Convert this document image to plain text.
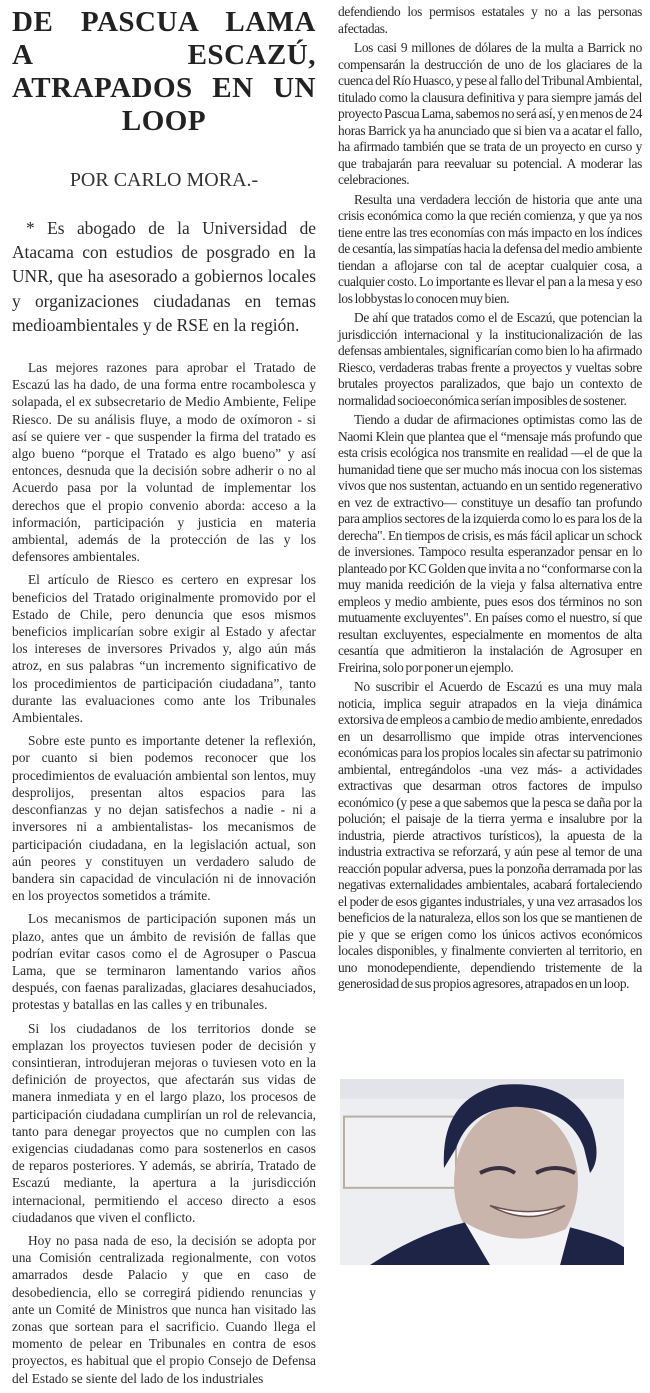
DE PASCUA LAMA A ESCAZÚ, ATRAPADOS EN UN LOOP
POR CARLO MORA.-
* Es abogado de la Universidad de Atacama con estudios de posgrado en la UNR, que ha asesorado a gobiernos locales y organizaciones ciudadanas en temas medioambientales y de RSE en la región.

Las mejores razones para aprobar el Tratado de Escazú las ha dado, de una forma entre rocambolesca y solapada, el ex subsecretario de Medio Ambiente, Felipe Riesco. De su análisis fluye, a modo de oxímoron - si así se quiere ver - que suspender la firma del tratado es algo bueno “porque el Tratado es algo bueno” y así entonces, desnuda que la decisión sobre adherir o no al Acuerdo pasa por la voluntad de implementar los derechos que el propio convenio aborda: acceso a la información, participación y justicia en materia ambiental, además de la protección de las y los defensores ambientales.

El artículo de Riesco es certero en expresar los beneficios del Tratado originalmente promovido por el Estado de Chile, pero denuncia que esos mismos beneficios implicarían sobre exigir al Estado y afectar los intereses de inversores Privados y, algo aún más atroz, en sus palabras “un incremento significativo de los procedimientos de participación ciudadana”, tanto durante las evaluaciones como ante los Tribunales Ambientales.

Sobre este punto es importante detener la reflexión, por cuanto si bien podemos reconocer que los procedimientos de evaluación ambiental son lentos, muy desprolijos, presentan altos espacios para las desconfianzas y no dejan satisfechos a nadie - ni a inversores ni a ambientalistas- los mecanismos de participación ciudadana, en la legislación actual, son aún peores y constituyen un verdadero saludo de bandera sin capacidad de vinculación ni de innovación en los proyectos sometidos a trámite.

Los mecanismos de participación suponen más un plazo, antes que un ámbito de revisión de fallas que podrían evitar casos como el de Agrosuper o Pascua Lama, que se terminaron lamentando varios años después, con faenas paralizadas, glaciares desahuciados, protestas y batallas en las calles y en tribunales.

Si los ciudadanos de los territorios donde se emplazan los proyectos tuviesen poder de decisión y consintieran, introdujeran mejoras o tuviesen voto en la definición de proyectos, que afectarán sus vidas de manera inmediata y en el largo plazo, los procesos de participación ciudadana cumplirían un rol de relevancia, tanto para denegar proyectos que no cumplen con las exigencias ciudadanas como para sostenerlos en casos de reparos posteriores. Y además, se abriría, Tratado de Escazú mediante, la apertura a la jurisdicción internacional, permitiendo el acceso directo a esos ciudadanos que viven el conflicto.

Hoy no pasa nada de eso, la decisión se adopta por una Comisión centralizada regionalmente, con votos amarrados desde Palacio y que en caso de desobediencia, ello se corregirá pidiendo renuncias y ante un Comité de Ministros que nunca han visitado las zonas que sortean para el sacrificio. Cuando llega el momento de pelear en Tribunales en contra de esos proyectos, es habitual que el propio Consejo de Defensa del Estado se siente del lado de los industriales

defendiendo los permisos estatales y no a las personas afectadas.

Los casi 9 millones de dólares de la multa a Barrick no compensarán la destrucción de uno de los glaciares de la cuenca del Río Huasco, y pese al fallo del Tribunal Ambiental, titulado como la clausura definitiva y para siempre jamás del proyecto Pascua Lama, sabemos no será así, y en menos de 24 horas Barrick ya ha anunciado que si bien va a acatar el fallo, ha afirmado también que se trata de un proyecto en curso y que trabajarán para reevaluar su potencial. A moderar las celebraciones.

Resulta una verdadera lección de historia que ante una crisis económica como la que recién comienza, y que ya nos tiene entre las tres economías con más impacto en los índices de cesantía, las simpatías hacia la defensa del medio ambiente tiendan a aflojarse con tal de aceptar cualquier cosa, a cualquier costo. Lo importante es llevar el pan a la mesa y eso los lobbystas lo conocen muy bien.

De ahí que tratados como el de Escazú, que potencian la jurisdicción internacional y la institucionalización de las defensas ambientales, significarían como bien lo ha afirmado Riesco, verdaderas trabas frente a proyectos y vueltas sobre brutales proyectos paralizados, que bajo un contexto de normalidad socioeconómica serían imposibles de sostener.

Tiendo a dudar de afirmaciones optimistas como las de Naomi Klein que plantea que el “mensaje más profundo que esta crisis ecológica nos transmite en realidad —el de que la humanidad tiene que ser mucho más inocua con los sistemas vivos que nos sustentan, actuando en un sentido regenerativo en vez de extractivo— constituye un desafío tan profundo para amplios sectores de la izquierda como lo es para los de la derecha". En tiempos de crisis, es más fácil aplicar un schock de inversiones. Tampoco resulta esperanzador pensar en lo planteado por KC Golden que invita a no “conformarse con la muy manida reedición de la vieja y falsa alternativa entre empleos y medio ambiente, pues esos dos términos no son mutuamente excluyentes". En países como el nuestro, sí que resultan excluyentes, especialmente en momentos de alta cesantía que admitieron la instalación de Agrosuper en Freirina, solo por poner un ejemplo.

No suscribir el Acuerdo de Escazú es una muy mala noticia, implica seguir atrapados en la vieja dinámica extorsiva de empleos a cambio de medio ambiente, enredados en un desarrollismo que impide otras intervenciones económicas para los propios locales sin afectar su patrimonio ambiental, entregándolos -una vez más- a actividades extractivas que desarman otros factores de impulso económico (y pese a que sabemos que la pesca se daña por la polución; el paisaje de la tierra yerma e insalubre por la industria, pierde atractivos turísticos), la apuesta de la industria extractiva se reforzará, y aún pese al temor de una reacción popular adversa, pues la ponzoña derramada por las negativas externalidades ambientales, acabará fortaleciendo el poder de esos gigantes industriales, y una vez arrasados los beneficios de la naturaleza, ellos son los que se mantienen de pie y que se erigen como los únicos activos económicos locales disponibles, y finalmente convierten al territorio, en uno monodependiente, dependiendo tristemente de la generosidad de sus propios agresores, atrapados en un loop.
